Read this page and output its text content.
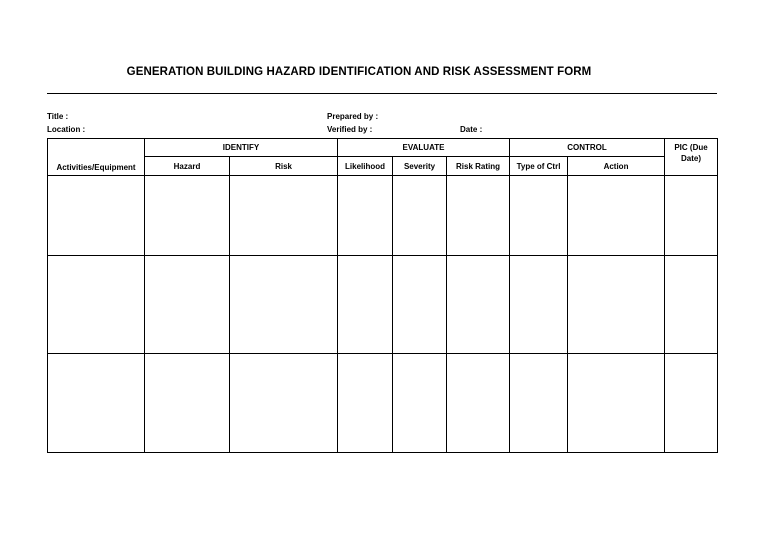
GENERATION BUILDING HAZARD IDENTIFICATION AND RISK ASSESSMENT FORM
Title :
Location :
Prepared by :
Verified by :	Date :
Activities/Equipment	IDENTIFY		EVALUATE			CONTROL		PIC (Due Date)
	Hazard	Risk	Likelihood	Severity	Risk Rating	Type of Ctrl	Action	
